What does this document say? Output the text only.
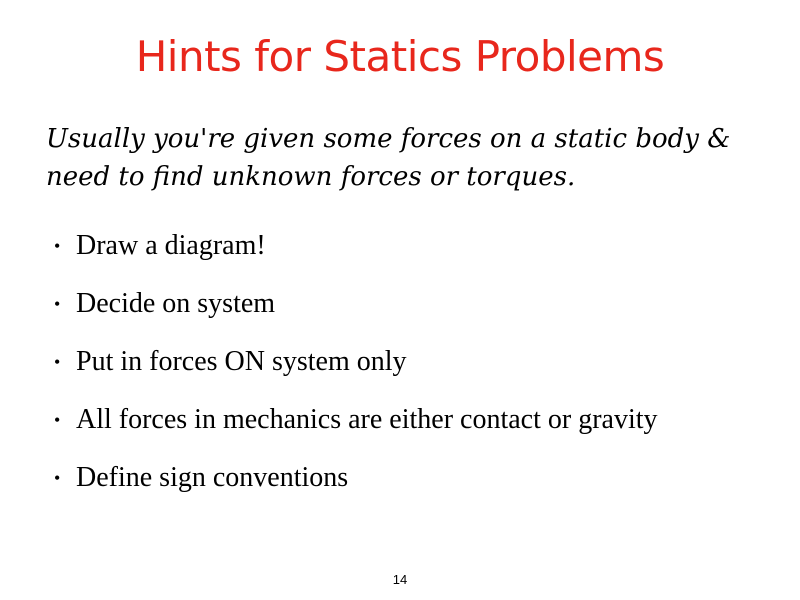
Hints for Statics Problems
Usually you're given some forces on a static body &
need to find unknown forces or torques.
• Draw a diagram!
• Decide on system
• Put in forces ON system only
• All forces in mechanics are either contact or gravity
• Define sign conventions
14
